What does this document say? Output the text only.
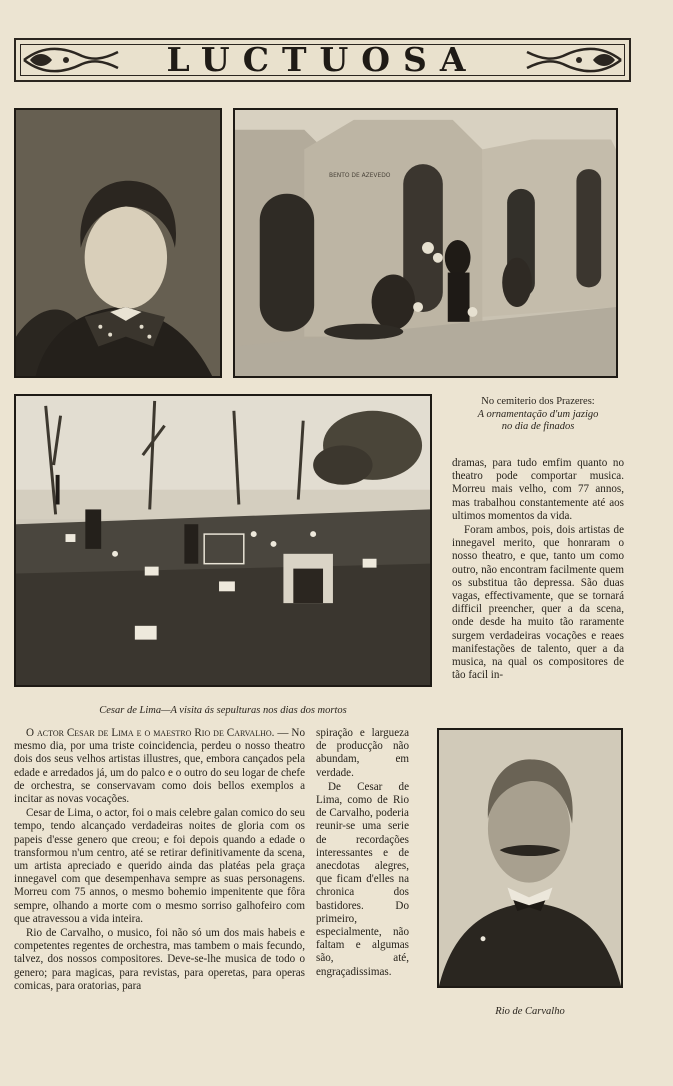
LUCTUOSA
BENTO DE AZEVEDO
No cemiterio dos Prazeres:
A ornamentação d'um jazigo
no dia de finados
Cesar de Lima—A visita ás sepulturas nos dias dos mortos

dramas, para tudo emfim quanto no theatro pode comportar musica. Morreu mais velho, com 77 annos, mas trabalhou constantemente até aos ultimos momentos da vida.

Foram ambos, pois, dois artistas de innegavel merito, que honraram o nosso theatro, e que, tanto um como outro, não encontram facilmente quem os substitua tão depressa. São duas vagas, effectivamente, que se tornará difficil preencher, quer a da scena, onde desde ha muito tão raramente surgem verdadeiras vocações e reaes manifestações de talento, quer a da musica, na qual os compositores de tão facil in-

O actor Cesar de Lima e o maestro Rio de Carvalho. — No mesmo dia, por uma triste coincidencia, perdeu o nosso theatro dois dos seus velhos artistas illustres, que, embora cançados pela edade e arredados já, um do palco e o outro do seu logar de chefe de orchestra, se conservavam como dois bellos exemplos a incitar as novas vocações.

Cesar de Lima, o actor, foi o mais celebre galan comico do seu tempo, tendo alcançado verdadeiras noites de gloria com os papeis d'esse genero que creou; e foi depois quando a edade o transformou n'um centro, até se retirar definitivamente da scena, um artista apreciado e querido ainda das platéas pela graça innegavel com que desempenhava sempre as suas personagens. Morreu com 75 annos, o mesmo bohemio impenitente que fôra sempre, olhando a morte com o mesmo sorriso galhofeiro com que atravessou a vida inteira.

Rio de Carvalho, o musico, foi não só um dos mais habeis e competentes regentes de orchestra, mas tambem o mais fecundo, talvez, dos nossos compositores. Deve-se-lhe musica de todo o genero; para magicas, para revistas, para operetas, para operas comicas, para oratorias, para

spiração e largueza de producção não abundam, em verdade.

De Cesar de Lima, como de Rio de Carvalho, poderia reunir-se uma serie de recordações interessantes e de anecdotas alegres, que ficam d'elles na chronica dos bastidores. Do primeiro, especialmente, não faltam e algumas são, até, engraçadissimas.

Rio de Carvalho
